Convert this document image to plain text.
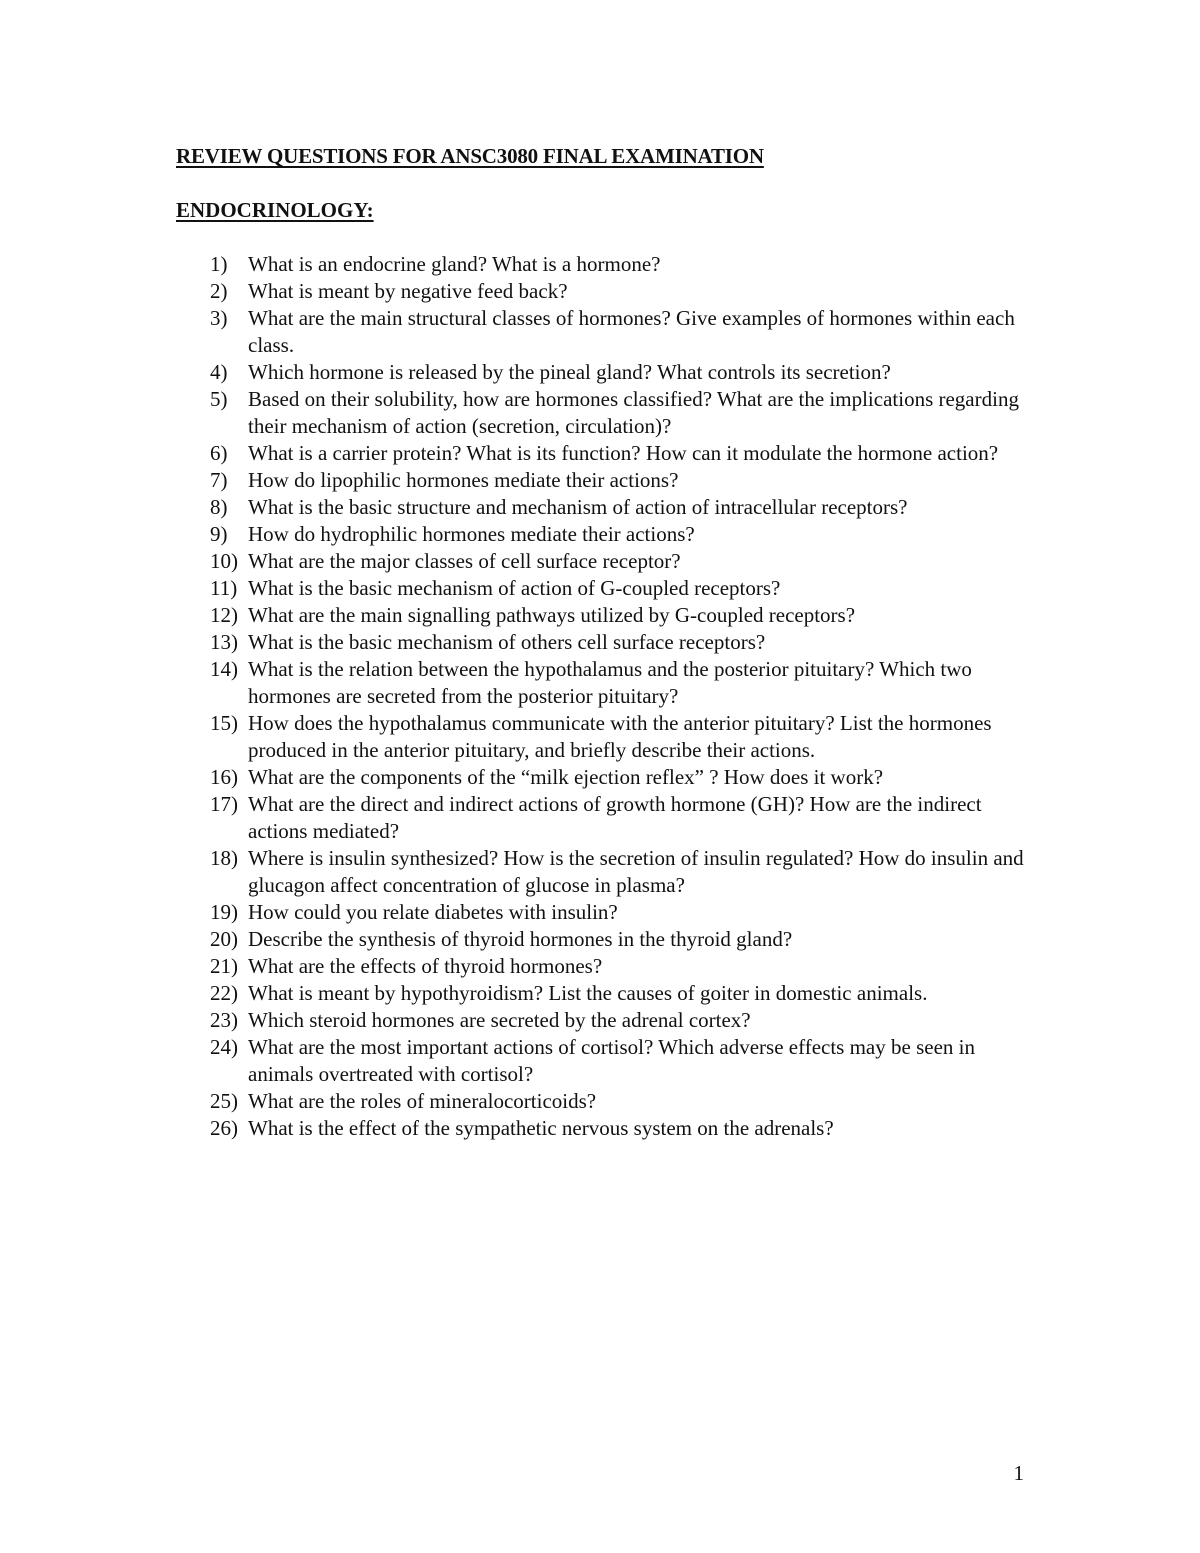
REVIEW QUESTIONS FOR ANSC3080 FINAL EXAMINATION
ENDOCRINOLOGY:
1) What is an endocrine gland? What is a hormone?
2) What is meant by negative feed back?
3) What are the main structural classes of hormones? Give examples of hormones within each class.
4) Which hormone is released by the pineal gland? What controls its secretion?
5) Based on their solubility, how are hormones classified? What are the implications regarding their mechanism of action (secretion, circulation)?
6) What is a carrier protein? What is its function? How can it modulate the hormone action?
7) How do lipophilic hormones mediate their actions?
8) What is the basic structure and mechanism of action of intracellular receptors?
9) How do hydrophilic hormones mediate their actions?
10) What are the major classes of cell surface receptor?
11) What is the basic mechanism of action of G-coupled receptors?
12) What are the main signalling pathways utilized by G-coupled receptors?
13) What is the basic mechanism of others cell surface receptors?
14) What is the relation between the hypothalamus and the posterior pituitary? Which two hormones are secreted from the posterior pituitary?
15) How does the hypothalamus communicate with the anterior pituitary? List the hormones produced in the anterior pituitary, and briefly describe their actions.
16) What are the components of the “milk ejection reflex” ? How does it work?
17) What are the direct and indirect actions of growth hormone (GH)? How are the indirect actions mediated?
18) Where is insulin synthesized? How is the secretion of insulin regulated? How do insulin and glucagon affect concentration of glucose in plasma?
19) How could you relate diabetes with insulin?
20) Describe the synthesis of thyroid hormones in the thyroid gland?
21) What are the effects of thyroid hormones?
22) What is meant by hypothyroidism? List the causes of goiter in domestic animals.
23) Which steroid hormones are secreted by the adrenal cortex?
24) What are the most important actions of cortisol? Which adverse effects may be seen in animals overtreated with cortisol?
25) What are the roles of mineralocorticoids?
26) What is the effect of the sympathetic nervous system on the adrenals?
1
